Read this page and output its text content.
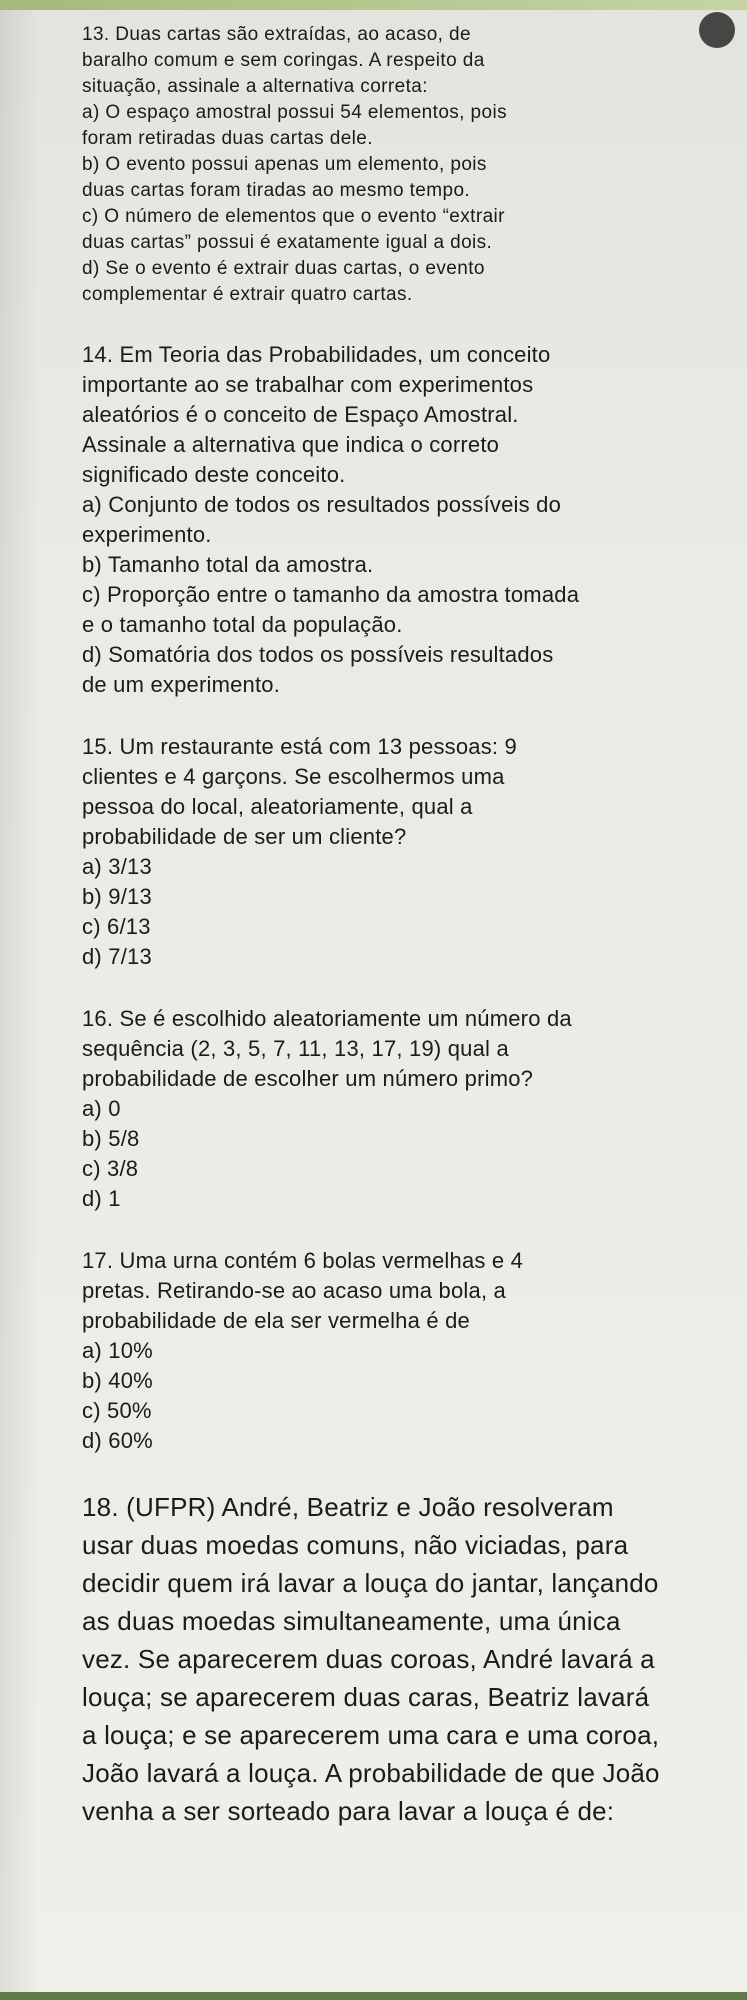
13. Duas cartas são extraídas, ao acaso, de
baralho comum e sem coringas. A respeito da
situação, assinale a alternativa correta:
a) O espaço amostral possui 54 elementos, pois
foram retiradas duas cartas dele.
b) O evento possui apenas um elemento, pois
duas cartas foram tiradas ao mesmo tempo.
c) O número de elementos que o evento “extrair
duas cartas” possui é exatamente igual a dois.
d) Se o evento é extrair duas cartas, o evento
complementar é extrair quatro cartas.
14. Em Teoria das Probabilidades, um conceito
importante ao se trabalhar com experimentos
aleatórios é o conceito de Espaço Amostral.
Assinale a alternativa que indica o correto
significado deste conceito.
a) Conjunto de todos os resultados possíveis do
experimento.
b) Tamanho total da amostra.
c) Proporção entre o tamanho da amostra tomada
e o tamanho total da população.
d) Somatória dos todos os possíveis resultados
de um experimento.
15. Um restaurante está com 13 pessoas: 9
clientes e 4 garçons. Se escolhermos uma
pessoa do local, aleatoriamente, qual a
probabilidade de ser um cliente?
a) 3/13
b) 9/13
c) 6/13
d) 7/13
16. Se é escolhido aleatoriamente um número da
sequência (2, 3, 5, 7, 11, 13, 17, 19) qual a
probabilidade de escolher um número primo?
a) 0
b) 5/8
c) 3/8
d) 1
17. Uma urna contém 6 bolas vermelhas e 4
pretas. Retirando-se ao acaso uma bola, a
probabilidade de ela ser vermelha é de
a) 10%
b) 40%
c) 50%
d) 60%
18. (UFPR) André, Beatriz e João resolveram
usar duas moedas comuns, não viciadas, para
decidir quem irá lavar a louça do jantar, lançando
as duas moedas simultaneamente, uma única
vez. Se aparecerem duas coroas, André lavará a
louça; se aparecerem duas caras, Beatriz lavará
a louça; e se aparecerem uma cara e uma coroa,
João lavará a louça. A probabilidade de que João
venha a ser sorteado para lavar a louça é de:
